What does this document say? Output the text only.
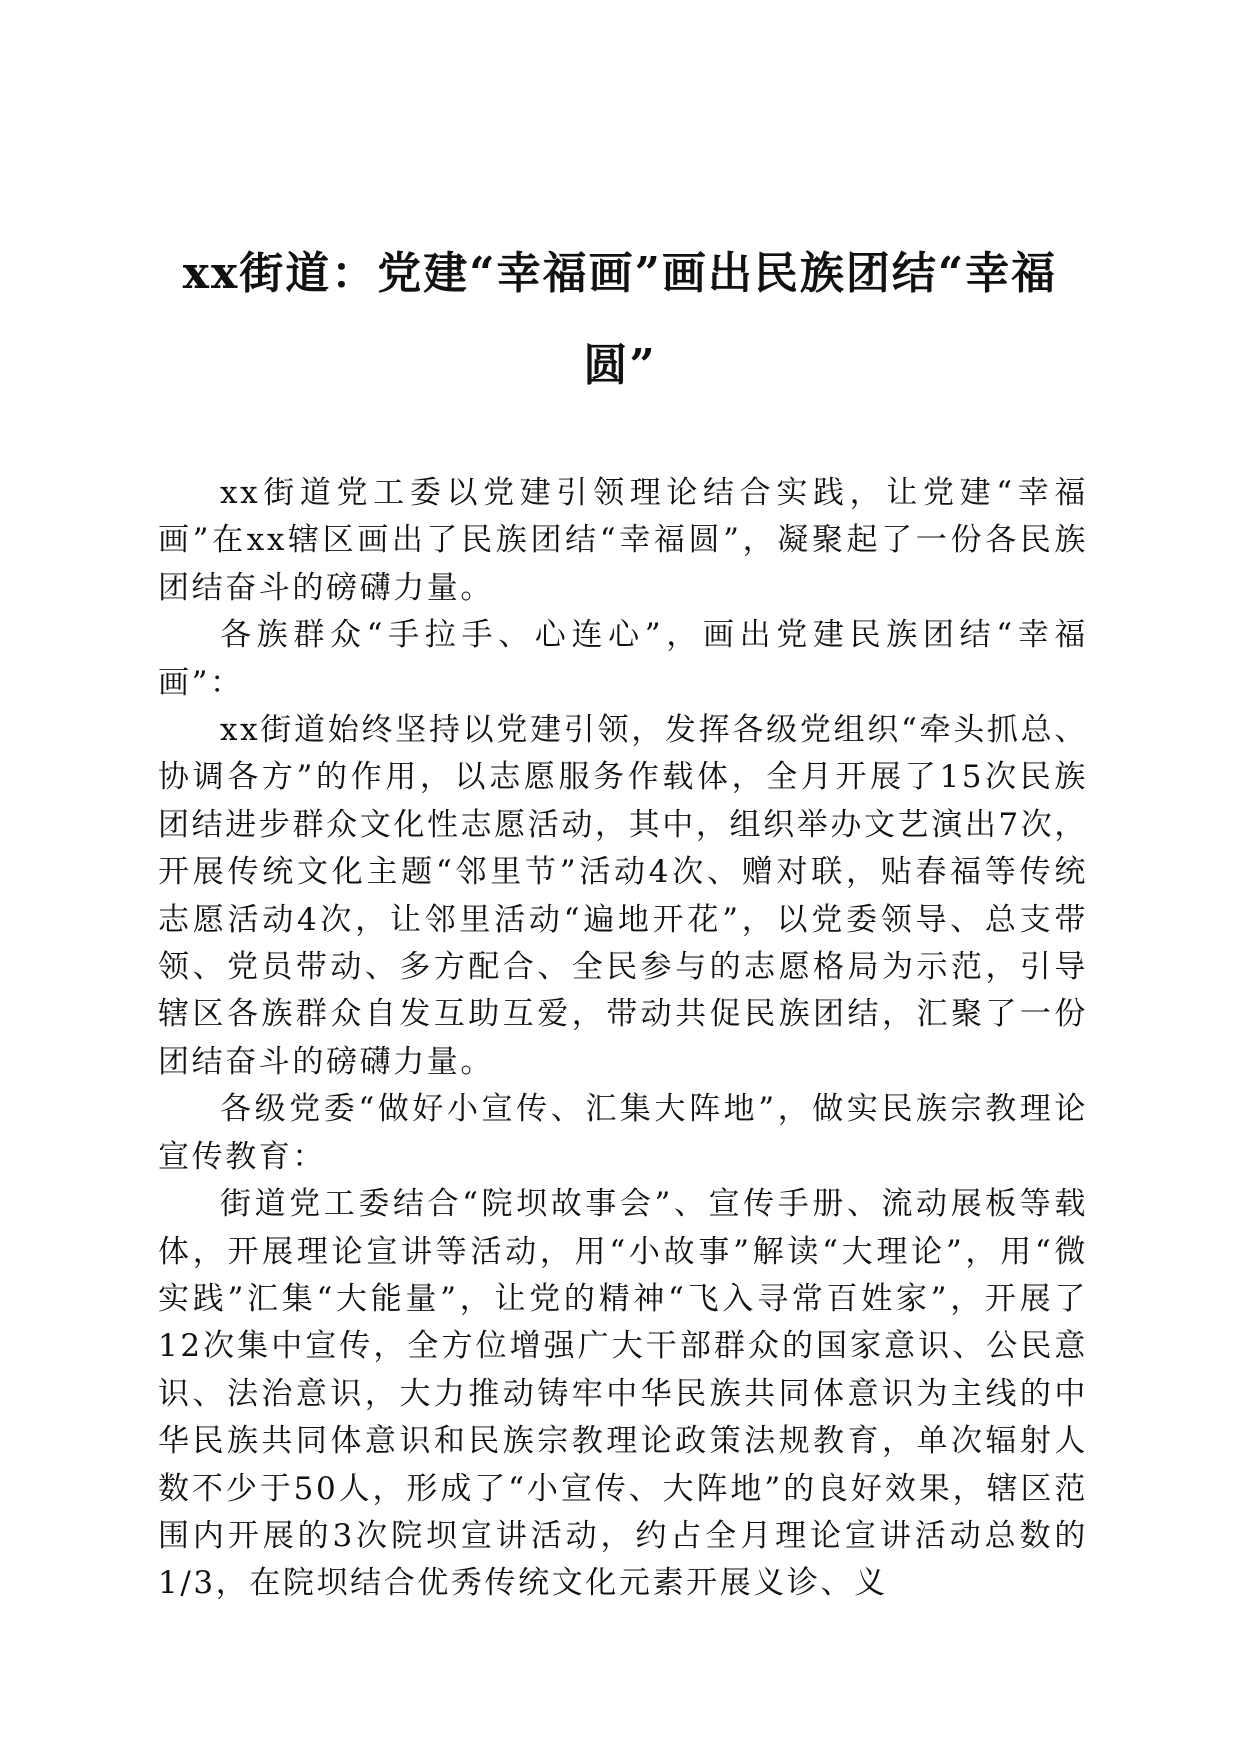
xx街道：党建“幸福画”画出民族团结“幸福圆”

xx街道党工委以党建引领理论结合实践，让党建“幸福画”在xx辖区画出了民族团结“幸福圆”，凝聚起了一份各民族团结奋斗的磅礴力量。

各族群众“手拉手、心连心”，画出党建民族团结“幸福画”：

xx街道始终坚持以党建引领，发挥各级党组织“牵头抓总、协调各方”的作用，以志愿服务作载体，全月开展了15次民族团结进步群众文化性志愿活动，其中，组织举办文艺演出7次，开展传统文化主题“邻里节”活动4次、赠对联，贴春福等传统志愿活动4次，让邻里活动“遍地开花”，以党委领导、总支带领、党员带动、多方配合、全民参与的志愿格局为示范，引导辖区各族群众自发互助互爱，带动共促民族团结，汇聚了一份团结奋斗的磅礴力量。

各级党委“做好小宣传、汇集大阵地”，做实民族宗教理论宣传教育：

街道党工委结合“院坝故事会”、宣传手册、流动展板等载体，开展理论宣讲等活动，用“小故事”解读“大理论”，用“微实践”汇集“大能量”，让党的精神“飞入寻常百姓家”，开展了12次集中宣传，全方位增强广大干部群众的国家意识、公民意识、法治意识，大力推动铸牢中华民族共同体意识为主线的中华民族共同体意识和民族宗教理论政策法规教育，单次辐射人数不少于50人，形成了“小宣传、大阵地”的良好效果，辖区范围内开展的3次院坝宣讲活动，约占全月理论宣讲活动总数的1/3，在院坝结合优秀传统文化元素开展义诊、义
